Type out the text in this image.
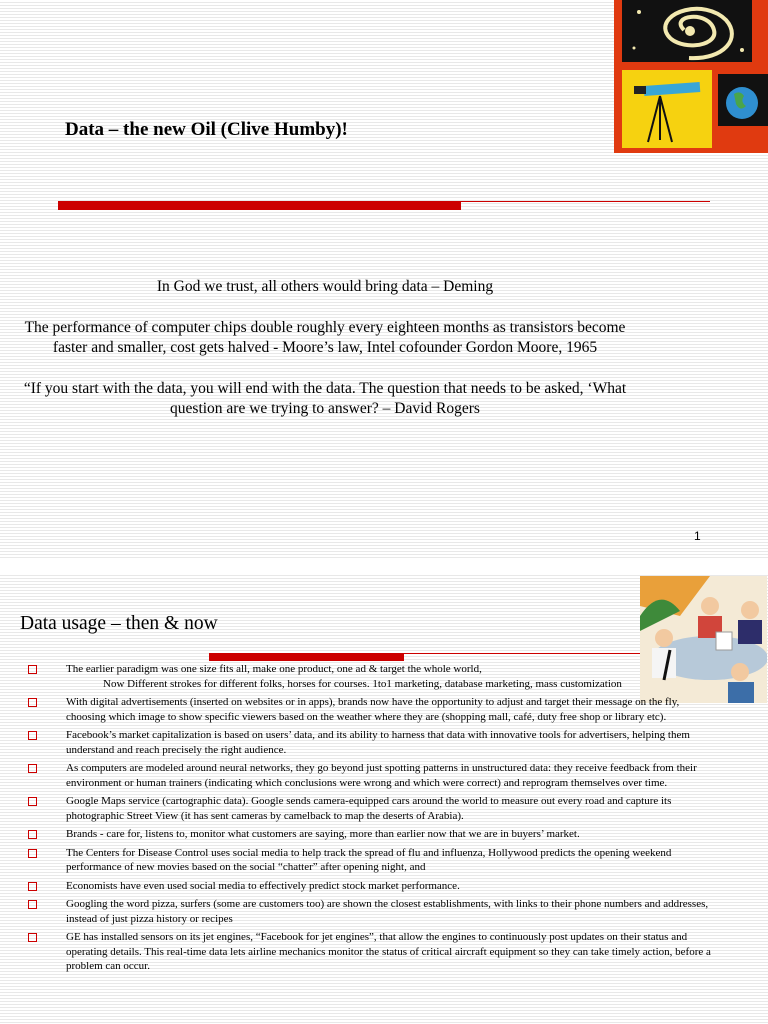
Data – the new Oil (Clive Humby)!

In God we trust, all others would bring data – Deming

The performance of computer chips double roughly every eighteen months as transistors become faster and smaller, cost gets halved - Moore’s law, Intel cofounder Gordon Moore, 1965

“If you start with the data, you will end with the data. The question that needs to be asked, ‘What question are we trying to answer? – David Rogers

1
Data usage – then & now
The earlier paradigm was one size fits all, make one product, one ad & target the whole world,
Now Different strokes for different folks, horses for courses. 1to1 marketing, database marketing, mass customization
With digital advertisements (inserted on websites or in apps), brands now have the opportunity to adjust and target their message on the fly, choosing which image to show specific viewers based on the weather where they are (shopping mall, café, duty free shop or library etc).
Facebook’s market capitalization is based on users’ data, and its ability to harness that data with innovative tools for advertisers, helping them understand and reach precisely the right audience.
As computers are modeled around neural networks, they go beyond just spotting patterns in unstructured data: they receive feedback from their environment or human trainers (indicating which conclusions were wrong and which were correct) and reprogram themselves over time.
Google Maps service (cartographic data). Google sends camera-equipped cars around the world to measure out every road and capture its photographic Street View (it has sent cameras by camelback to map the deserts of Arabia).
Brands - care for, listens to, monitor what customers are saying, more than earlier now that we are in buyers’ market.
The Centers for Disease Control uses social media to help track the spread of flu and influenza, Hollywood predicts the opening weekend performance of new movies based on the social “chatter” after opening night, and
Economists have even used social media to effectively predict stock market performance.
Googling the word pizza, surfers (some are customers too) are shown the closest establishments, with links to their phone numbers and addresses, instead of just pizza history or recipes
GE has installed sensors on its jet engines, “Facebook for jet engines”, that allow the engines to continuously post updates on their status and operating details. This real-time data lets airline mechanics monitor the status of critical aircraft equipment so they can take timely action, before a problem can occur.
